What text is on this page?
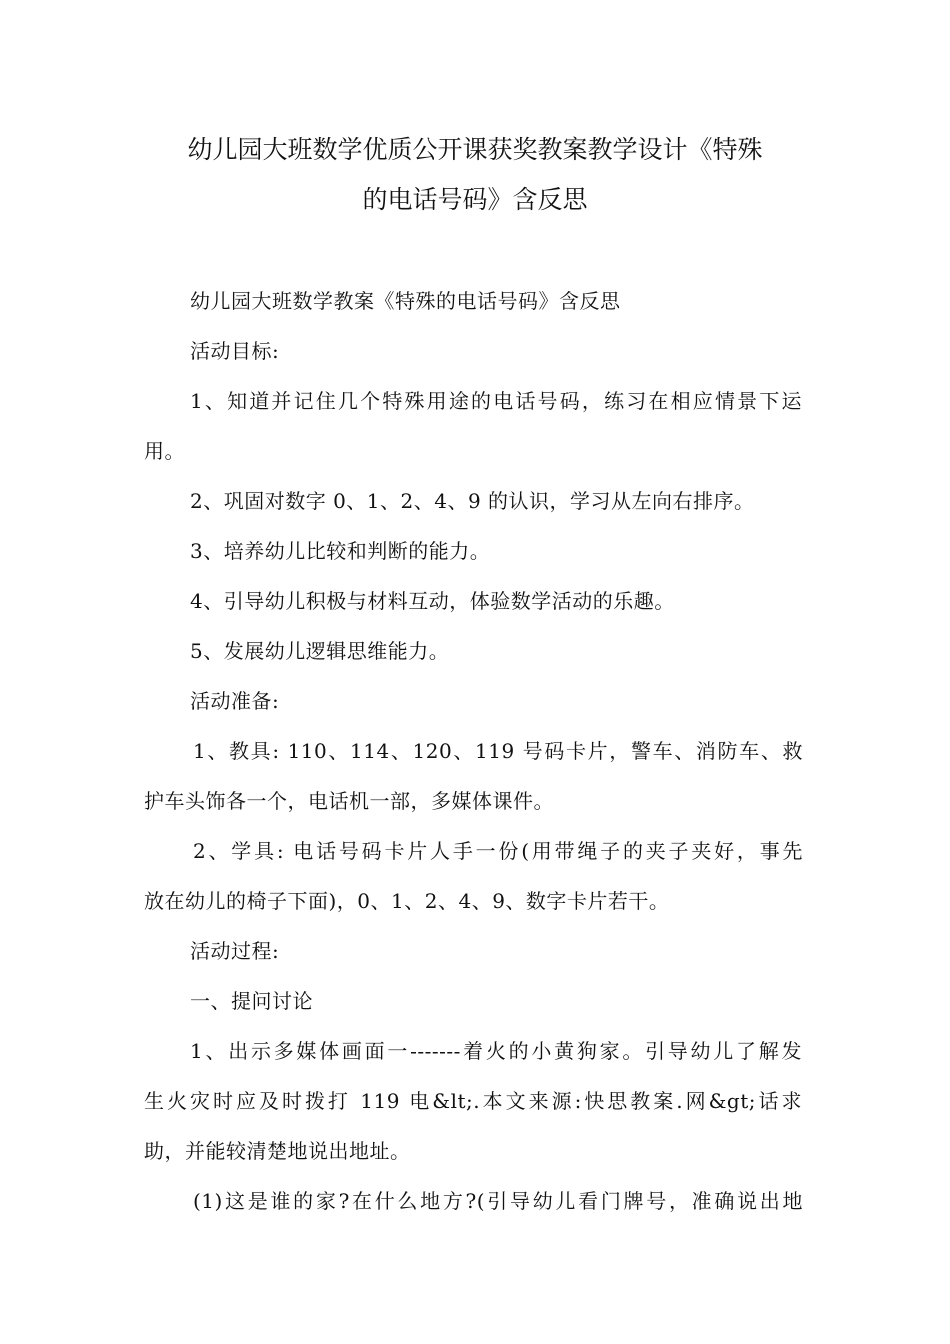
幼儿园大班数学优质公开课获奖教案教学设计《特殊
的电话号码》含反思
幼儿园大班数学教案《特殊的电话号码》含反思
活动目标:
1、知道并记住几个特殊用途的电话号码，练习在相应情景下运
用。
2、巩固对数字 0、1、2、4、9 的认识，学习从左向右排序。
3、培养幼儿比较和判断的能力。
4、引导幼儿积极与材料互动，体验数学活动的乐趣。
5、发展幼儿逻辑思维能力。
活动准备:
1、教具: 110、114、120、119 号码卡片，警车、消防车、救
护车头饰各一个，电话机一部，多媒体课件。
2、学具: 电话号码卡片人手一份(用带绳子的夹子夹好，事先
放在幼儿的椅子下面)，0、1、2、4、9、数字卡片若干。
活动过程:
一、提问讨论
1、出示多媒体画面一-------着火的小黄狗家。引导幼儿了解发
生火灾时应及时拨打 119 电&lt;.本文来源:快思教案.网&gt;话求
助，并能较清楚地说出地址。
(1)这是谁的家?在什么地方?(引导幼儿看门牌号，准确说出地
